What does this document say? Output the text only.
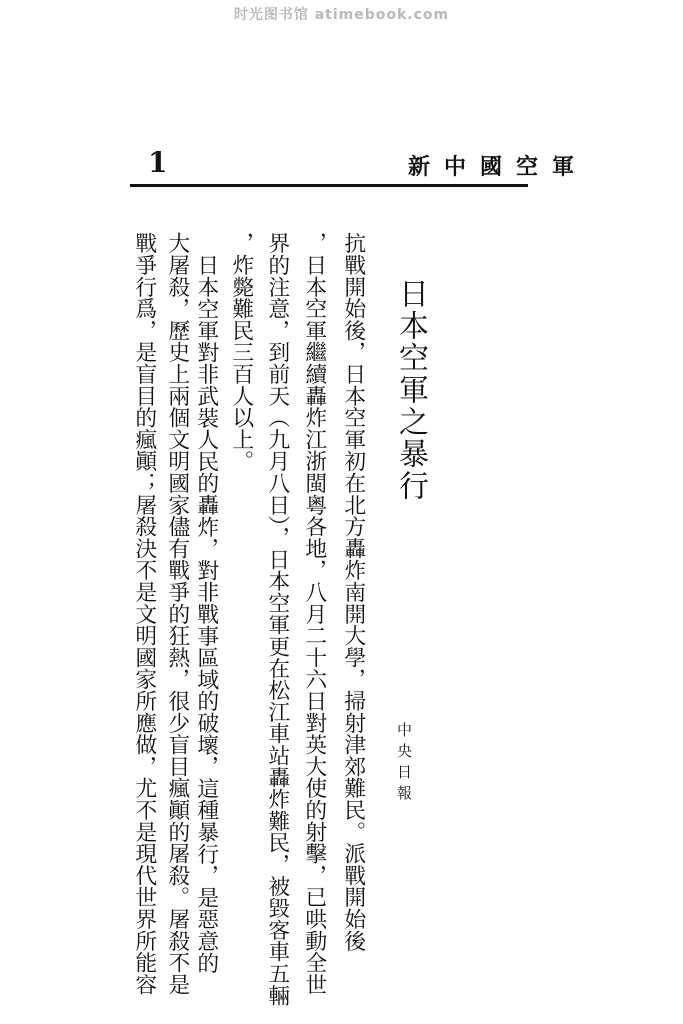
时光图书馆 atimebook.com
1	新中國空軍
日本空軍之暴行
中央日報
抗戰開始後，日本空軍初在北方轟炸南開大學，掃射津郊難民。派戰開始後
，日本空軍繼續轟炸江浙閩粵各地，八月二十六日對英大使的射擊，已哄動全世
界的注意，到前天（九月八日），日本空軍更在松江車站轟炸難民，被毀客車五輛
，炸斃難民三百人以上。
日本空軍對非武裝人民的轟炸，對非戰事區域的破壞，這種暴行，是惡意的
大屠殺，歷史上兩個文明國家儘有戰爭的狂熱，很少盲目瘋顚的屠殺。屠殺不是
戰爭行爲，是盲目的瘋顚；屠殺決不是文明國家所應做，尤不是現代世界所能容
